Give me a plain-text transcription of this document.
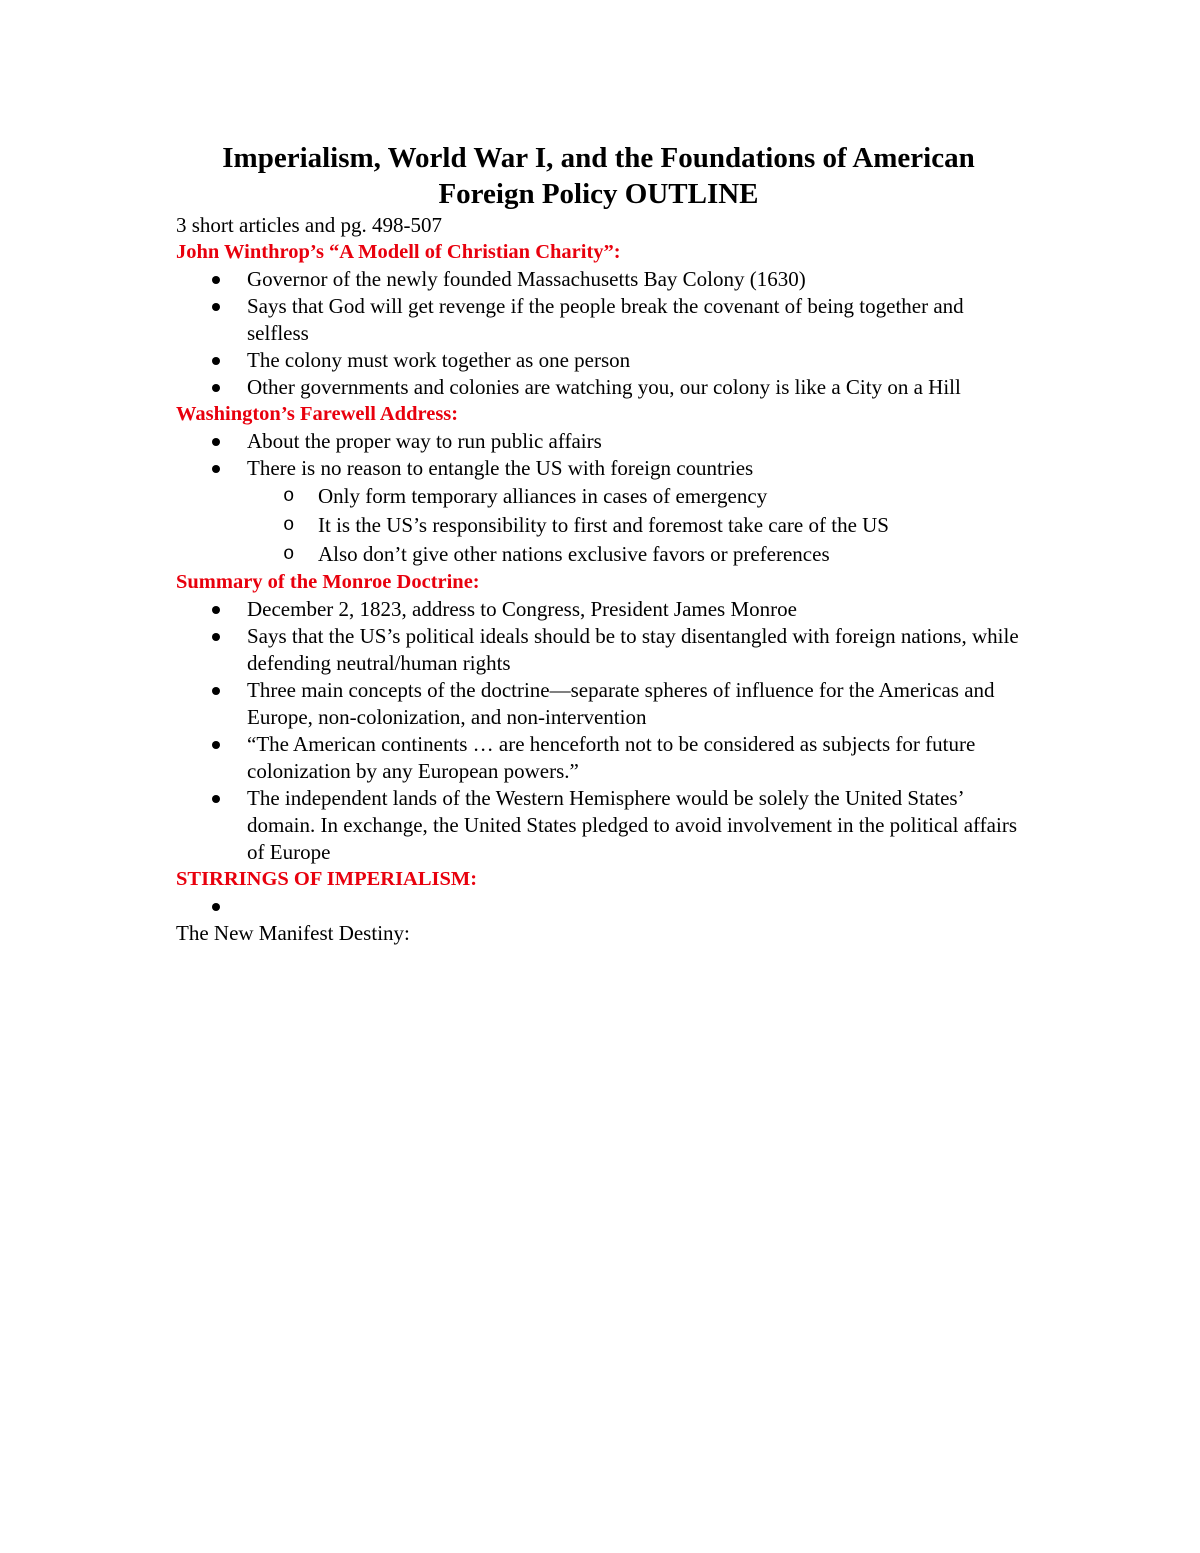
Imperialism, World War I, and the Foundations of American Foreign Policy OUTLINE

3 short articles and pg. 498-507

John Winthrop’s “A Modell of Christian Charity”:

Governor of the newly founded Massachusetts Bay Colony (1630)
Says that God will get revenge if the people break the covenant of being together and selfless
The colony must work together as one person
Other governments and colonies are watching you, our colony is like a City on a Hill

Washington’s Farewell Address:

About the proper way to run public affairs
There is no reason to entangle the US with foreign countries
o Only form temporary alliances in cases of emergency
o It is the US’s responsibility to first and foremost take care of the US
o Also don’t give other nations exclusive favors or preferences

Summary of the Monroe Doctrine:

December 2, 1823, address to Congress, President James Monroe
Says that the US’s political ideals should be to stay disentangled with foreign nations, while defending neutral/human rights
Three main concepts of the doctrine—separate spheres of influence for the Americas and Europe, non-colonization, and non-intervention
“The American continents … are henceforth not to be considered as subjects for future colonization by any European powers.”
The independent lands of the Western Hemisphere would be solely the United States’ domain. In exchange, the United States pledged to avoid involvement in the political affairs of Europe

STIRRINGS OF IMPERIALISM:

The New Manifest Destiny:
